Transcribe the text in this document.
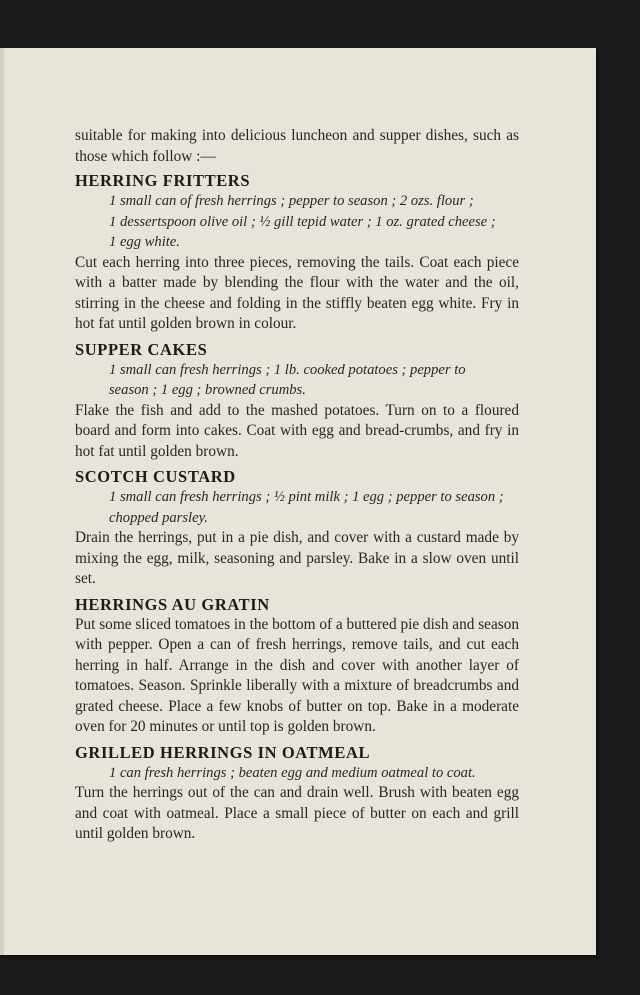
suitable for making into delicious luncheon and supper dishes, such as those which follow :—

HERRING FRITTERS

1 small can of fresh herrings ; pepper to season ; 2 ozs. flour ;

1 dessertspoon olive oil ; ½ gill tepid water ; 1 oz. grated cheese ;

1 egg white.

Cut each herring into three pieces, removing the tails. Coat each piece with a batter made by blending the flour with the water and the oil, stirring in the cheese and folding in the stiffly beaten egg white. Fry in hot fat until golden brown in colour.

SUPPER CAKES

1 small can fresh herrings ; 1 lb. cooked potatoes ; pepper to

season ; 1 egg ; browned crumbs.

Flake the fish and add to the mashed potatoes. Turn on to a floured board and form into cakes. Coat with egg and bread-crumbs, and fry in hot fat until golden brown.

SCOTCH CUSTARD

1 small can fresh herrings ; ½ pint milk ; 1 egg ; pepper to season ;

chopped parsley.

Drain the herrings, put in a pie dish, and cover with a custard made by mixing the egg, milk, seasoning and parsley. Bake in a slow oven until set.

HERRINGS AU GRATIN

Put some sliced tomatoes in the bottom of a buttered pie dish and season with pepper. Open a can of fresh herrings, remove tails, and cut each herring in half. Arrange in the dish and cover with another layer of tomatoes. Season. Sprinkle liberally with a mixture of breadcrumbs and grated cheese. Place a few knobs of butter on top. Bake in a moderate oven for 20 minutes or until top is golden brown.

GRILLED HERRINGS IN OATMEAL

1 can fresh herrings ; beaten egg and medium oatmeal to coat.

Turn the herrings out of the can and drain well. Brush with beaten egg and coat with oatmeal. Place a small piece of butter on each and grill until golden brown.
